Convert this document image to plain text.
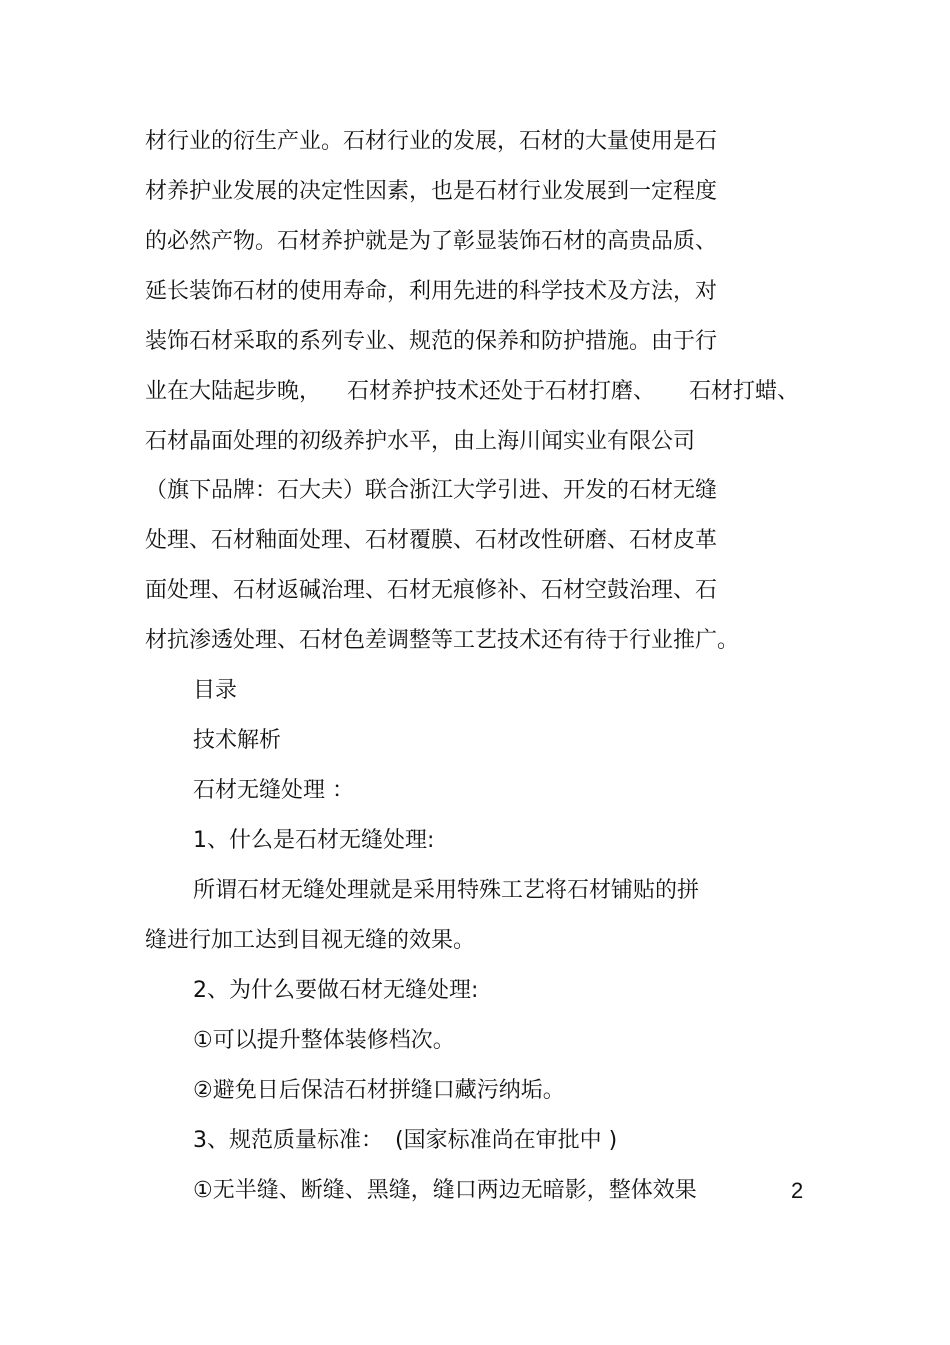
材行业的衍生产业。石材行业的发展，石材的大量使用是石
材养护业发展的决定性因素，也是石材行业发展到一定程度
的必然产物。石材养护就是为了彰显装饰石材的高贵品质、
延长装饰石材的使用寿命，利用先进的科学技术及方法，对
装饰石材采取的系列专业、规范的保养和防护措施。由于行
业在大陆起步晚， 石材养护技术还处于石材打磨、 石材打蜡、
石材晶面处理的初级养护水平，由上海川闻实业有限公司
（旗下品牌：石大夫）联合浙江大学引进、开发的石材无缝
处理、石材釉面处理、石材覆膜、石材改性研磨、石材皮革
面处理、石材返碱治理、石材无痕修补、石材空鼓治理、石
材抗渗透处理、石材色差调整等工艺技术还有待于行业推广。
目录
技术解析
石材无缝处理 ：
1、什么是石材无缝处理:
所谓石材无缝处理就是采用特殊工艺将石材铺贴的拼
缝进行加工达到目视无缝的效果。
2、为什么要做石材无缝处理:
①可以提升整体装修档次。
②避免日后保洁石材拼缝口藏污纳垢。
3、规范质量标准： (国家标准尚在审批中 )
①无半缝、断缝、黑缝，缝口两边无暗影，整体效果	2
